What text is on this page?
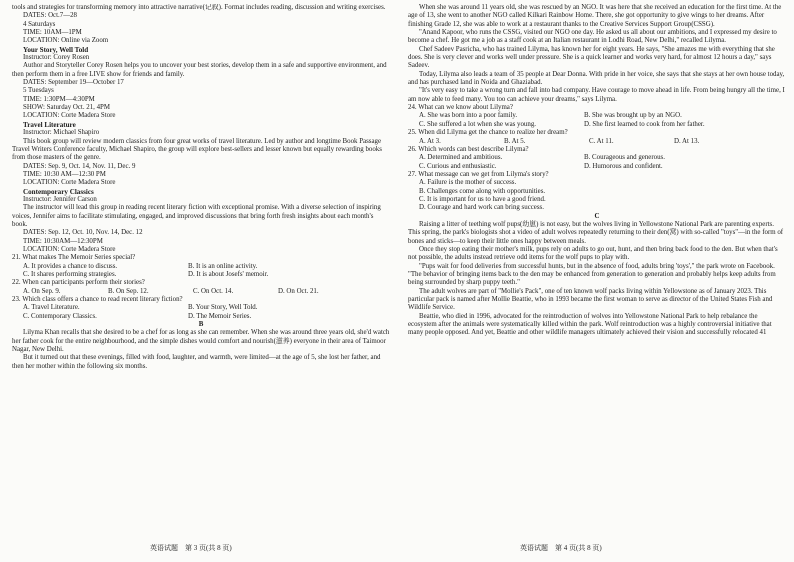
tools and strategies for transforming memory into attractive narrative(记叙). Format includes reading, discussion and writing exercises.

DATES: Oct.7—28

4 Saturdays

TIME: 10AM—1PM

LOCATION: Online via Zoom

Your Story, Well Told

Instructor: Corey Rosen

Author and Storyteller Corey Rosen helps you to uncover your best stories, develop them in a safe and supportive environment, and then perform them in a free LIVE show for friends and family.

DATES: September 19—October 17

5 Tuesdays

TIME: 1:30PM—4:30PM

SHOW: Saturday Oct. 21, 4PM

LOCATION: Corte Madera Store

Travel Literature

Instructor: Michael Shapiro

This book group will review modern classics from four great works of travel literature. Led by author and longtime Book Passage Travel Writers Conference faculty, Michael Shapiro, the group will explore best-sellers and lesser known but equally rewarding books from those masters of the genre.

DATES: Sep. 9, Oct. 14, Nov. 11, Dec. 9

TIME: 10:30 AM—12:30 PM

LOCATION: Corte Madera Store

Contemporary Classics

Instructor: Jennifer Carson

The instructor will lead this group in reading recent literary fiction with exceptional promise. With a diverse selection of inspiring voices, Jennifer aims to facilitate stimulating, engaged, and improved discussions that bring forth fresh insights about each month's book.

DATES: Sep. 12, Oct. 10, Nov. 14, Dec. 12

TIME: 10:30AM—12:30PM

LOCATION: Corte Madera Store

21. What makes The Memoir Series special?

A. It provides a chance to discuss.	B. It is an online activity.
C. It shares performing strategies.	D. It is about Josefs' memoir.

22. When can participants perform their stories?

A. On Sep. 9.	B. On Sep. 12.	C. On Oct. 14.	D. On Oct. 21.

23. Which class offers a chance to read recent literary fiction?

A. Travel Literature.	B. Your Story, Well Told.
C. Contemporary Classics.	D. The Memoir Series.

B

Lilyma Khan recalls that she desired to be a chef for as long as she can remember. When she was around three years old, she'd watch her father cook for the entire neighbourhood, and the simple dishes would comfort and nourish(滋养) everyone in their area of Taimoor Nagar, New Delhi.

But it turned out that these evenings, filled with food, laughter, and warmth, were limited—at the age of 5, she lost her father, and then her mother within the following six months.

When she was around 11 years old, she was rescued by an NGO. It was here that she received an education for the first time. At the age of 13, she went to another NGO called Kilkari Rainbow Home. There, she got opportunity to give wings to her dreams. After finishing Grade 12, she was able to work at a restaurant thanks to the Creative Services Support Group(CSSG).

"Anand Kapoor, who runs the CSSG, visited our NGO one day. He asked us all about our ambitions, and I expressed my desire to become a chef. He got me a job as a staff cook at an Italian restaurant in Lodhi Road, New Delhi," recalled Lilyma.

Chef Sadeev Pasricha, who has trained Lilyma, has known her for eight years. He says, "She amazes me with everything that she does. She is very clever and works well under pressure. She is a quick learner and works very hard, for almost 12 hours a day," says Sadeev.

Today, Lilyma also leads a team of 35 people at Dear Donna. With pride in her voice, she says that she stays at her own house today, and has purchased land in Noida and Ghaziabad.

"It's very easy to take a wrong turn and fall into bad company. Have courage to move ahead in life. From being hungry all the time, I am now able to feed many. You too can achieve your dreams," says Lilyma.

24. What can we know about Lilyma?

A. She was born into a poor family.	B. She was brought up by an NGO.
C. She suffered a lot when she was young.	D. She first learned to cook from her father.

25. When did Lilyma get the chance to realize her dream?

A. At 3.	B. At 5.	C. At 11.	D. At 13.

26. Which words can best describe Lilyma?

A. Determined and ambitious.	B. Courageous and generous.
C. Curious and enthusiastic.	D. Humorous and confident.

27. What message can we get from Lilyma's story?

A. Failure is the mother of success.

B. Challenges come along with opportunities.

C. It is important for us to have a good friend.

D. Courage and hard work can bring success.

C

Raising a litter of teething wolf pups(幼崽) is not easy, but the wolves living in Yellowstone National Park are parenting experts. This spring, the park's biologists shot a video of adult wolves repeatedly returning to their den(窝) with so-called "toys"—in the form of bones and sticks—to keep their little ones happy between meals.

Once they stop eating their mother's milk, pups rely on adults to go out, hunt, and then bring back food to the den. But when that's not possible, the adults instead retrieve odd items for the wolf pups to play with.

"Pups wait for food deliveries from successful hunts, but in the absence of food, adults bring 'toys'," the park wrote on Facebook. "The behavior of bringing items back to the den may be enhanced from generation to generation and probably helps keep adults from being surrounded by sharp puppy teeth."

The adult wolves are part of "Mollie's Pack", one of ten known wolf packs living within Yellowstone as of January 2023. This particular pack is named after Mollie Beattie, who in 1993 became the first woman to serve as director of the United States Fish and Wildlife Service.

Beattie, who died in 1996, advocated for the reintroduction of wolves into Yellowstone National Park to help rebalance the ecosystem after the animals were systematically killed within the park. Wolf reintroduction was a highly controversial initiative that many people opposed. And yet, Beattie and other wildlife managers ultimately achieved their vision and successfully relocated 41

英语试题　第 3 页(共 8 页)	英语试题　第 4 页(共 8 页)
